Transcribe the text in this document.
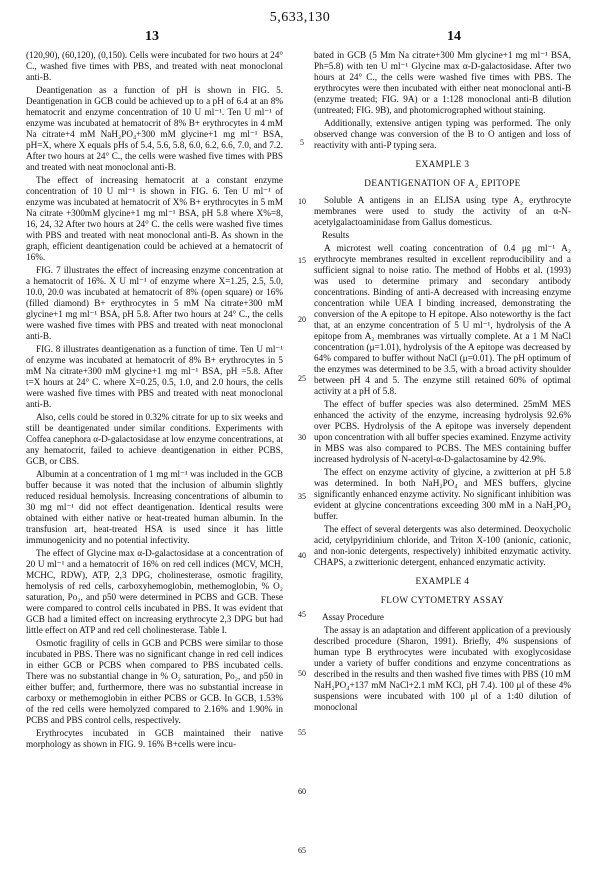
5,633,130
13	14

(120,90), (60,120), (0,150). Cells were incubated for two hours at 24° C., washed five times with PBS, and treated with neat monoclonal anti-B.

Deantigenation as a function of pH is shown in FIG. 5. Deantigenation in GCB could be achieved up to a pH of 6.4 at an 8% hematocrit and enzyme concentration of 10 U ml⁻¹. Ten U ml⁻¹ of enzyme was incubated at hematocrit of 8% B+ erythrocytes in 4 mM Na citrate+4 mM NaH₂PO₄+300 mM glycine+1 mg ml⁻¹ BSA, pH=X, where X equals pHs of 5.4, 5.6, 5.8, 6.0, 6.2, 6.6, 7.0, and 7.2. After two hours at 24° C., the cells were washed five times with PBS and treated with neat monoclonal anti-B.

The effect of increasing hematocrit at a constant enzyme concentration of 10 U ml⁻¹ is shown in FIG. 6. Ten U ml⁻¹ of enzyme was incubated at hematocrit of X% B+ erythrocytes in 5 mM Na citrate +300mM glycine+1 mg ml⁻¹ BSA, pH 5.8 where X%=8, 16, 24, 32 After two hours at 24° C. the cells were washed five times with PBS and treated with neat monoclonal anti-B. As shown in the graph, efficient deantigenation could be achieved at a hematocrit of 16%.

FIG. 7 illustrates the effect of increasing enzyme concentration at a hematocrit of 16%. X U ml⁻¹ of enzyme where X=1.25, 2.5, 5.0, 10.0, 20.0 was incubated at hematocrit of 8% (open square) or 16% (filled diamond) B+ erythrocytes in 5 mM Na citrate+300 mM glycine+1 mg ml⁻¹ BSA, pH 5.8. After two hours at 24° C., the cells were washed five times with PBS and treated with neat monoclonal anti-B.

FIG. 8 illustrates deantigenation as a function of time. Ten U ml⁻¹ of enzyme was incubated at hematocrit of 8% B+ erythrocytes in 5 mM Na citrate+300 mM glycine+1 mg ml⁻¹ BSA, pH =5.8. After t=X hours at 24° C. where X=0.25, 0.5, 1.0, and 2.0 hours, the cells were washed five times with PBS and treated with neat monoclonal anti-B.

Also, cells could be stored in 0.32% citrate for up to six weeks and still be deantigenated under similar conditions. Experiments with Coffea canephora α-D-galactosidase at low enzyme concentrations, at any hematocrit, failed to achieve deantigenation in either PCBS, GCB, or CBS.

Albumin at a concentration of 1 mg ml⁻¹ was included in the GCB buffer because it was noted that the inclusion of albumin slightly reduced residual hemolysis. Increasing concentrations of albumin to 30 mg ml⁻¹ did not effect deantigenation. Identical results were obtained with either native or heat-treated human albumin. In the transfusion art, heat-treated HSA is used since it has little immunogenicity and no potential infectivity.

The effect of Glycine max α-D-galactosidase at a concentration of 20 U ml⁻¹ and a hematocrit of 16% on red cell indices (MCV, MCH, MCHC, RDW), ATP, 2,3 DPG, cholinesterase, osmotic fragility, hemolysis of red cells, carboxyhemoglobin, methemoglobin, % O₂ saturation, Po₂, and p50 were determined in PCBS and GCB. These were compared to control cells incubated in PBS. It was evident that GCB had a limited effect on increasing erythrocyte 2,3 DPG but had little effect on ATP and red cell cholinesterase. Table I.

Osmotic fragility of cells in GCB and PCBS were similar to those incubated in PBS. There was no significant change in red cell indices in either GCB or PCBS when compared to PBS incubated cells. There was no substantial change in % O₂ saturation, Po₂, and p50 in either buffer; and, furthermore, there was no substantial increase in carboxy or methemoglobin in either PCBS or GCB. In GCB, 1.53% of the red cells were hemolyzed compared to 2.16% and 1.90% in PCBS and PBS control cells, respectively.

Erythrocytes incubated in GCB maintained their native morphology as shown in FIG. 9. 16% B+cells were incu-

5
10
15
20
25
30
35
40
45
50
55
60
65

bated in GCB (5 Mm Na citrate+300 Mm glycine+1 mg ml⁻¹ BSA, Ph=5.8) with ten U ml⁻¹ Glycine max α-D-galactosidase. After two hours at 24° C., the cells were washed five times with PBS. The erythrocytes were then incubated with either neat monoclonal anti-B (enzyme treated; FIG. 9A) or a 1:128 monoclonal anti-B dilution (untreated; FIG. 9B), and photomicrographed without staining.

Additionally, extensive antigen typing was performed. The only observed change was conversion of the B to O antigen and loss of reactivity with anti-P typing sera.

EXAMPLE 3

DEANTIGENATION OF A₂ EPITOPE

Soluble A antigens in an ELISA using type A₂ erythrocyte membranes were used to study the activity of an α-N-acetylgalactoaminidase from Gallus domesticus.

Results

A microtest well coating concentration of 0.4 μg ml⁻¹ A₂ erythrocyte membranes resulted in excellent reproducibility and a sufficient signal to noise ratio. The method of Hobbs et al. (1993) was used to determine primary and secondary antibody concentrations. Binding of anti-A decreased with increasing enzyme concentration while UEA I binding increased, demonstrating the conversion of the A epitope to H epitope. Also noteworthy is the fact that, at an enzyme concentration of 5 U ml⁻¹, hydrolysis of the A epitope from A₂ membranes was virtually complete. At a 1 M NaCl concentration (μ=1.01), hydrolysis of the A epitope was decreased by 64% compared to buffer without NaCl (μ=0.01). The pH optimum of the enzymes was determined to be 3.5, with a broad activity shoulder between pH 4 and 5. The enzyme still retained 60% of optimal activity at a pH of 5.8.

The effect of buffer species was also determined. 25mM MES enhanced the activity of the enzyme, increasing hydrolysis 92.6% over PCBS. Hydrolysis of the A epitope was inversely dependent upon concentration with all buffer species examined. Enzyme activity in MBS was also compared to PCBS. The MES containing buffer increased hydrolysis of N-acetyl-α-D-galactosamine by 42.9%.

The effect on enzyme activity of glycine, a zwitterion at pH 5.8 was determined. In both NaH₂PO₄ and MES buffers, glycine significantly enhanced enzyme activity. No significant inhibition was evident at glycine concentrations exceeding 300 mM in a NaH₂PO₄ buffer.

The effect of several detergents was also determined. Deoxycholic acid, cetylpyridinium chloride, and Triton X-100 (anionic, cationic, and non-ionic detergents, respectively) inhibited enzymatic activity. CHAPS, a zwitterionic detergent, enhanced enzymatic activity.

EXAMPLE 4

FLOW CYTOMETRY ASSAY

Assay Procedure

The assay is an adaptation and different application of a previously described procedure (Sharon, 1991). Briefly, 4% suspensions of human type B erythrocytes were incubated with exoglycosidase under a variety of buffer conditions and enzyme concentrations as described in the results and then washed five times with PBS (10 mM NaH₂PO₄+137 mM NaCl+2.1 mM KCl, pH 7.4). 100 μl of these 4% suspensions were incubated with 100 μl of a 1:40 dilution of monoclonal
